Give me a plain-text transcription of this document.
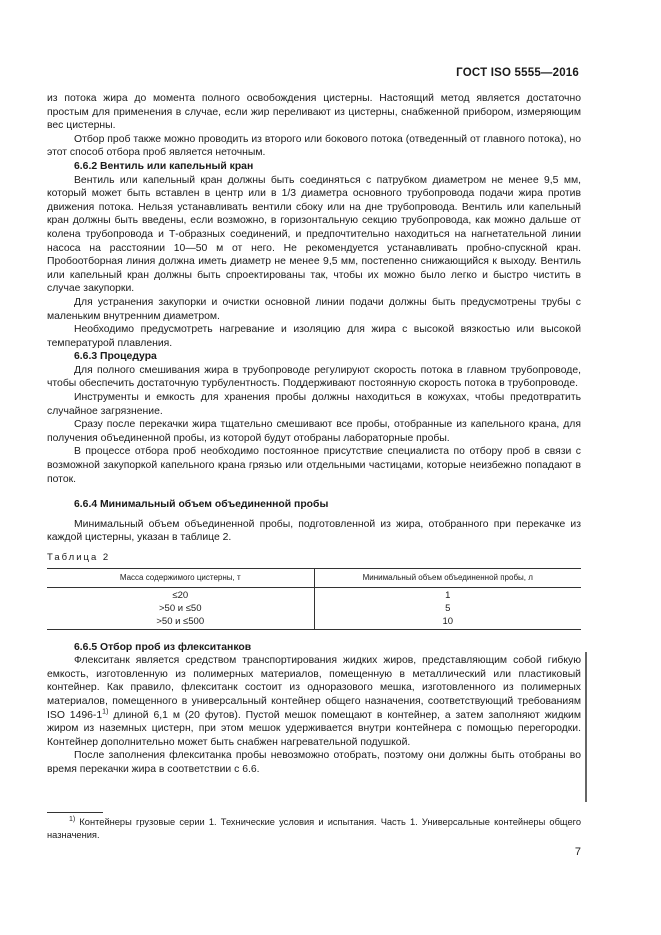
ГОСТ ISO 5555—2016

из потока жира до момента полного освобождения цистерны. Настоящий метод является достаточно простым для применения в случае, если жир переливают из цистерны, снабженной прибором, измеряющим вес цистерны.

Отбор проб также можно проводить из второго или бокового потока (отведенный от главного потока), но этот способ отбора проб является неточным.

6.6.2 Вентиль или капельный кран

Вентиль или капельный кран должны быть соединяться с патрубком диаметром не менее 9,5 мм, который может быть вставлен в центр или в 1/3 диаметра основного трубопровода подачи жира против движения потока. Нельзя устанавливать вентили сбоку или на дне трубопровода. Вентиль или капельный кран должны быть введены, если возможно, в горизонтальную секцию трубопровода, как можно дальше от колена трубопровода и Т-образных соединений, и предпочтительно находиться на нагнетательной линии насоса на расстоянии 10—50 м от него. Не рекомендуется устанавливать пробно-спускной кран. Пробоотборная линия должна иметь диаметр не менее 9,5 мм, постепенно снижающийся к выходу. Вентиль или капельный кран должны быть спроектированы так, чтобы их можно было легко и быстро чистить в случае закупорки.

Для устранения закупорки и очистки основной линии подачи должны быть предусмотрены трубы с маленьким внутренним диаметром.

Необходимо предусмотреть нагревание и изоляцию для жира с высокой вязкостью или высокой температурой плавления.

6.6.3 Процедура

Для полного смешивания жира в трубопроводе регулируют скорость потока в главном трубопроводе, чтобы обеспечить достаточную турбулентность. Поддерживают постоянную скорость потока в трубопроводе.

Инструменты и емкость для хранения пробы должны находиться в кожухах, чтобы предотвратить случайное загрязнение.

Сразу после перекачки жира тщательно смешивают все пробы, отобранные из капельного крана, для получения объединенной пробы, из которой будут отобраны лабораторные пробы.

В процессе отбора проб необходимо постоянное присутствие специалиста по отбору проб в связи с возможной закупоркой капельного крана грязью или отдельными частицами, которые неизбежно попадают в поток.

6.6.4 Минимальный объем объединенной пробы

Минимальный объем объединенной пробы, подготовленной из жира, отобранного при перекачке из каждой цистерны, указан в таблице 2.

Таблица 2
Масса содержимого цистерны, т	Минимальный объем объединенной пробы, л
≤20	1
>50 и ≤50	5
>50 и ≤500	10

6.6.5 Отбор проб из флекситанков

Флекситанк является средством транспортирования жидких жиров, представляющим собой гибкую емкость, изготовленную из полимерных материалов, помещенную в металлический или пластиковый контейнер. Как правило, флекситанк состоит из одноразового мешка, изготовленного из полимерных материалов, помещенного в универсальный контейнер общего назначения, соответствующий требованиям ISO 1496-1$^{1)}$ длиной 6,1 м (20 футов). Пустой мешок помещают в контейнер, а затем заполняют жидким жиром из наземных цистерн, при этом мешок удерживается внутри контейнера с помощью перегородки. Контейнер дополнительно может быть снабжен нагревательной подушкой.

После заполнения флекситанка пробы невозможно отобрать, поэтому они должны быть отобраны во время перекачки жира в соответствии с 6.6.

$^{1)}$ Контейнеры грузовые серии 1. Технические условия и испытания. Часть 1. Универсальные контейнеры общего назначения.
7
